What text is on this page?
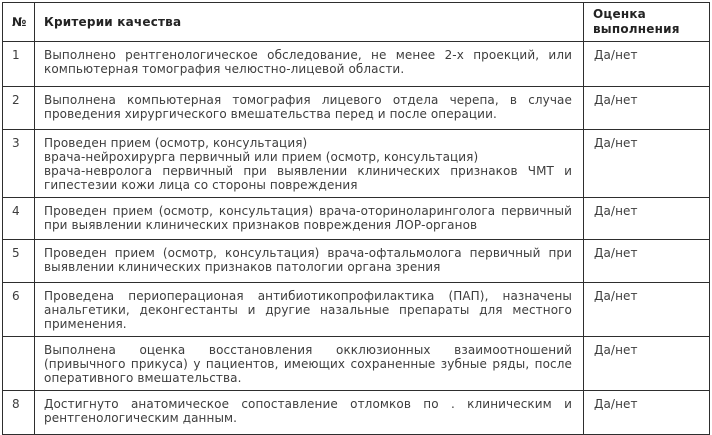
№	Критерии качества	Оценка выполнения
1	Выполнено рентгенологическое обследование, не менее 2-х проекций, или компьютерная томография челюстно-лицевой области.	Да/нет
2	Выполнена компьютерная томография лицевого отдела черепа, в случае проведения хирургического вмешательства перед и после операции.	Да/нет
3	Проведен прием (осмотр, консультация)
врача-нейрохирурга первичный или прием (осмотр, консультация)
врача-невролога первичный при выявлении клинических признаков ЧМТ и гипестезии кожи лица со стороны повреждения	Да/нет
4	Проведен прием (осмотр, консультация) врача-оториноларинголога первичный при выявлении клинических признаков повреждения ЛОР-органов	Да/нет
5	Проведен прием (осмотр, консультация) врача-офтальмолога первичный при выявлении клинических признаков патологии органа зрения	Да/нет
6	Проведена периоперационая антибиотикопрофилактика (ПАП), назначены анальгетики, деконгестанты и другие назальные препараты для местного применения.	Да/нет
	Выполнена оценка восстановления окклюзионных взаимоотношений (привычного прикуса) у пациентов, имеющих сохраненные зубные ряды, после оперативного вмешательства.	Да/нет
8	Достигнуто анатомическое сопоставление отломков по . клиническим и рентгенологическим данным.	Да/нет
